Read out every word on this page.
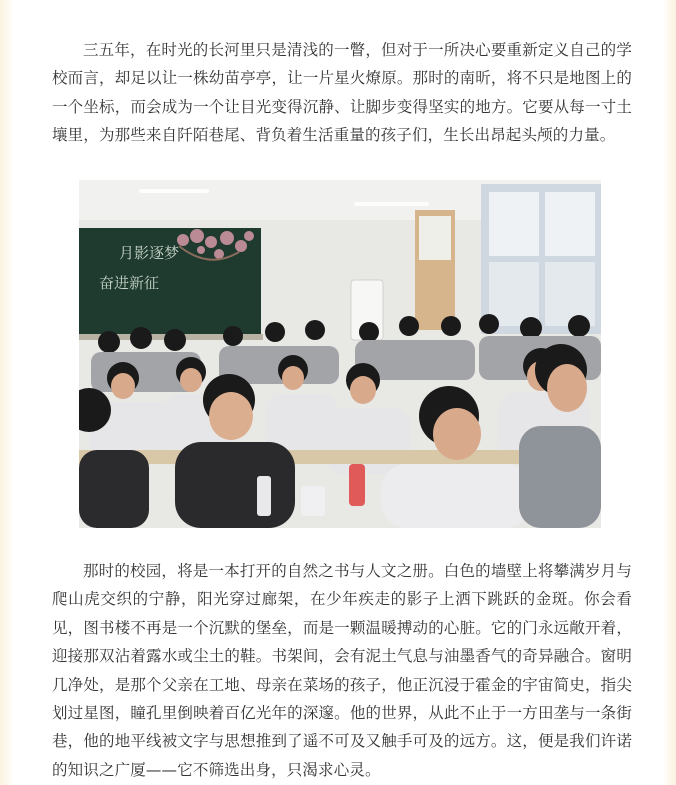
三五年，在时光的长河里只是清浅的一瞥，但对于一所决心要重新定义自己的学校而言，却足以让一株幼苗亭亭，让一片星火燎原。那时的南昕，将不只是地图上的一个坐标，而会成为一个让目光变得沉静、让脚步变得坚实的地方。它要从每一寸土壤里，为那些来自阡陌巷尾、背负着生活重量的孩子们，生长出昂起头颅的力量。

月影逐梦
奋进新征

那时的校园，将是一本打开的自然之书与人文之册。白色的墙壁上将攀满岁月与爬山虎交织的宁静，阳光穿过廊架，在少年疾走的影子上洒下跳跃的金斑。你会看见，图书楼不再是一个沉默的堡垒，而是一颗温暖搏动的心脏。它的门永远敞开着，迎接那双沾着露水或尘土的鞋。书架间，会有泥土气息与油墨香气的奇异融合。窗明几净处，是那个父亲在工地、母亲在菜场的孩子，他正沉浸于霍金的宇宙简史，指尖划过星图，瞳孔里倒映着百亿光年的深邃。他的世界，从此不止于一方田垄与一条街巷，他的地平线被文字与思想推到了遥不可及又触手可及的远方。这，便是我们许诺的知识之广厦——它不筛选出身，只渴求心灵。
